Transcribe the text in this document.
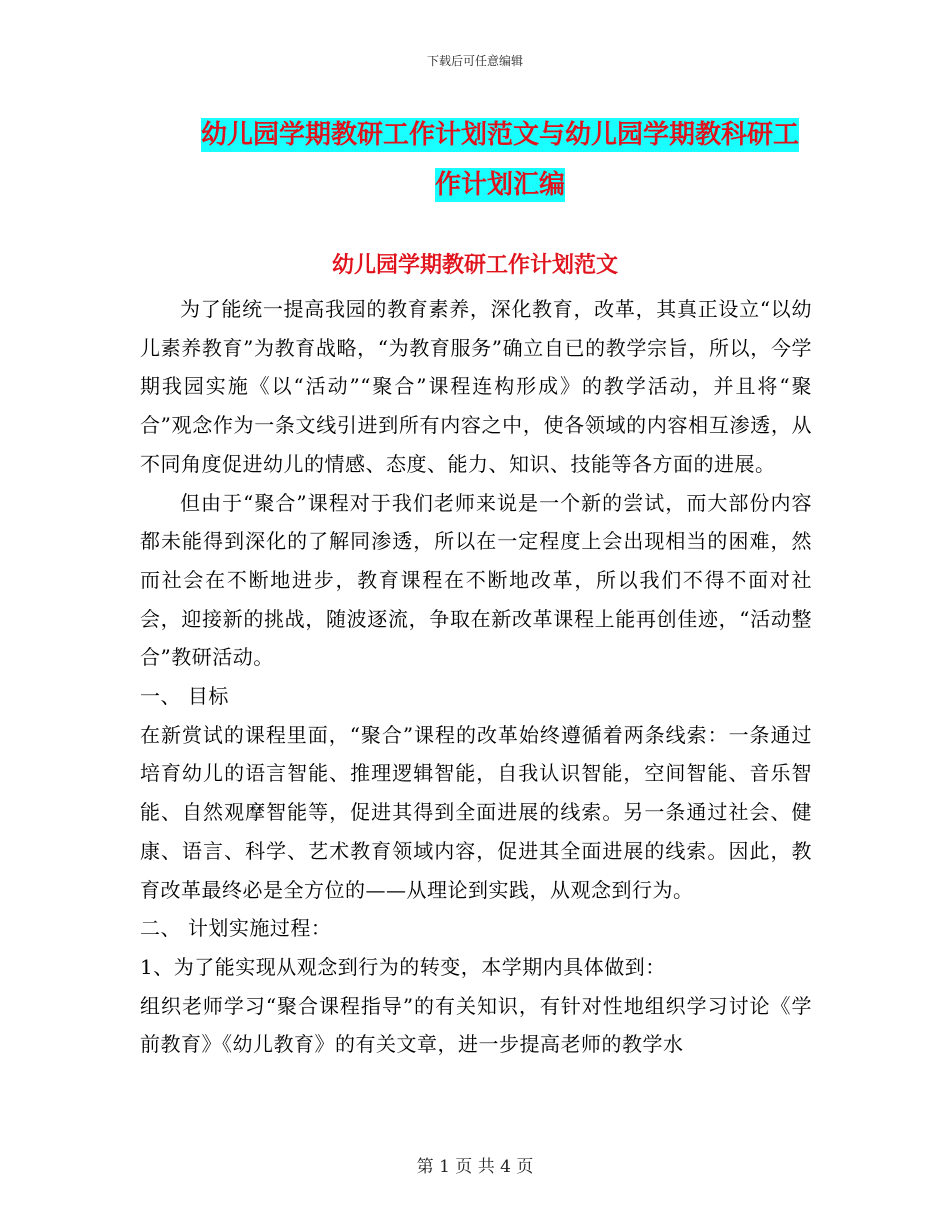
下载后可任意编辑
幼儿园学期教研工作计划范文与幼儿园学期教科研工作计划汇编
幼儿园学期教研工作计划范文

为了能统一提高我园的教育素养，深化教育，改革，其真正设立“以幼儿素养教育”为教育战略，“为教育服务”确立自已的教学宗旨，所以，今学期我园实施《以“活动”“聚合”课程连构形成》的教学活动，并且将“聚合”观念作为一条文线引进到所有内容之中，使各领域的内容相互渗透，从不同角度促进幼儿的情感、态度、能力、知识、技能等各方面的进展。

但由于“聚合”课程对于我们老师来说是一个新的尝试，而大部份内容都未能得到深化的了解同渗透，所以在一定程度上会出现相当的困难，然而社会在不断地进步，教育课程在不断地改革，所以我们不得不面对社会，迎接新的挑战，随波逐流，争取在新改革课程上能再创佳迹，“活动整合”教研活动。

一、 目标

在新赏试的课程里面，“聚合”课程的改革始终遵循着两条线索：一条通过培育幼儿的语言智能、推理逻辑智能，自我认识智能，空间智能、音乐智能、自然观摩智能等，促进其得到全面进展的线索。另一条通过社会、健康、语言、科学、艺术教育领域内容，促进其全面进展的线索。因此，教育改革最终必是全方位的——从理论到实践，从观念到行为。

二、 计划实施过程：

1、为了能实现从观念到行为的转变，本学期内具体做到：

组织老师学习“聚合课程指导”的有关知识，有针对性地组织学习讨论《学前教育》《幼儿教育》的有关文章，进一步提高老师的教学水

第 1 页 共 4 页
